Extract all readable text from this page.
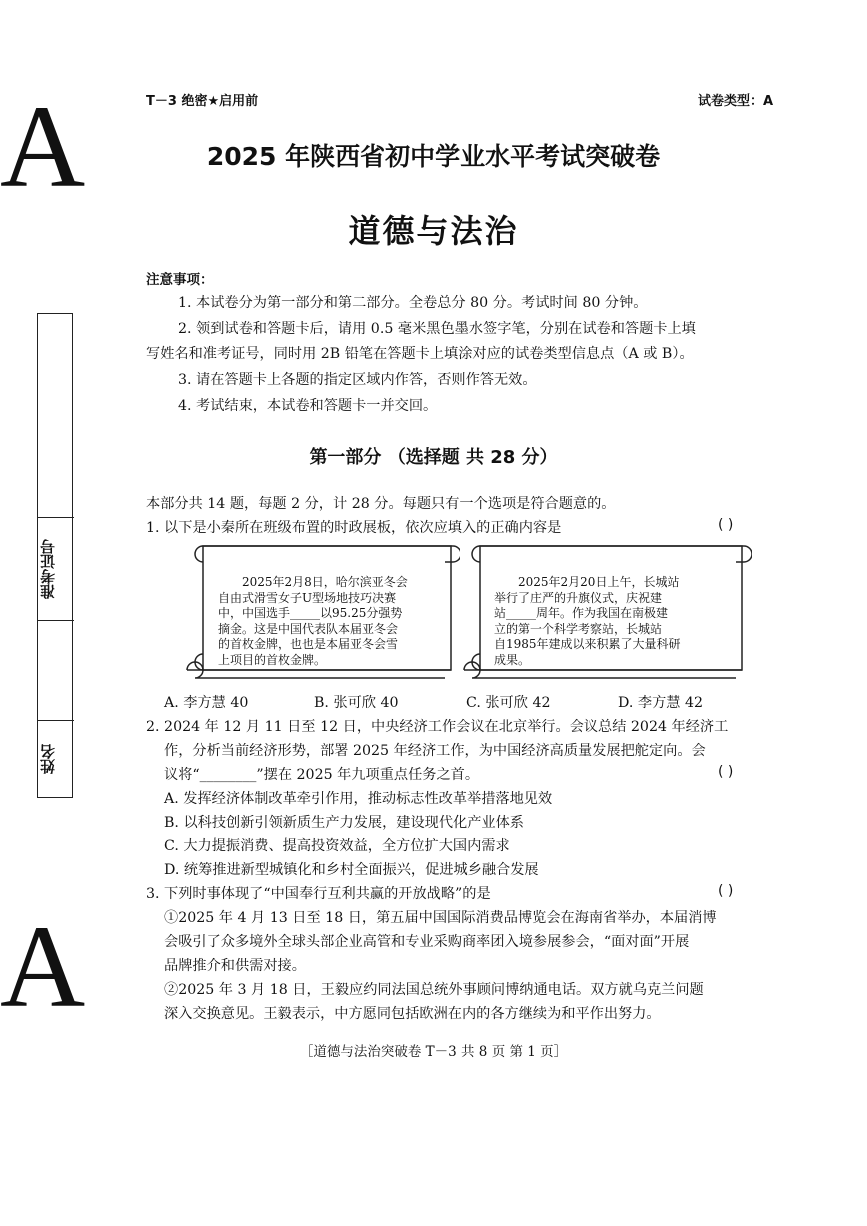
A
A
T－3 绝密★启用前	试卷类型：A
2025 年陕西省初中学业水平考试突破卷
道德与法治
注意事项：
1. 本试卷分为第一部分和第二部分。全卷总分 80 分。考试时间 80 分钟。
2. 领到试卷和答题卡后，请用 0.5 毫米黑色墨水签字笔，分别在试卷和答题卡上填
写姓名和准考证号，同时用 2B 铅笔在答题卡上填涂对应的试卷类型信息点（A 或 B）。
3. 请在答题卡上各题的指定区域内作答，否则作答无效。
4. 考试结束，本试卷和答题卡一并交回。
准考证号
姓名
第一部分 （选择题 共 28 分）
本部分共 14 题，每题 2 分，计 28 分。每题只有一个选项是符合题意的。
1. 以下是小秦所在班级布置的时政展板，依次应填入的正确内容是	( )
2025年2月8日，哈尔滨亚冬会
自由式滑雪女子U型场地技巧决赛
中，中国选手_____以95.25分强势
摘金。这是中国代表队本届亚冬会
的首枚金牌，也也是本届亚冬会雪
上项目的首枚金牌。
2025年2月20日上午，长城站
举行了庄严的升旗仪式，庆祝建
站_____周年。作为我国在南极建
立的第一个科学考察站，长城站
自1985年建成以来积累了大量科研
成果。
A. 李方慧 40	B. 张可欣 40	C. 张可欣 42	D. 李方慧 42
2. 2024 年 12 月 11 日至 12 日，中央经济工作会议在北京举行。会议总结 2024 年经济工
作，分析当前经济形势，部署 2025 年经济工作，为中国经济高质量发展把舵定向。会
议将“________”摆在 2025 年九项重点任务之首。	( )
A. 发挥经济体制改革牵引作用，推动标志性改革举措落地见效
B. 以科技创新引领新质生产力发展，建设现代化产业体系
C. 大力提振消费、提高投资效益，全方位扩大国内需求
D. 统筹推进新型城镇化和乡村全面振兴，促进城乡融合发展
3. 下列时事体现了“中国奉行互利共赢的开放战略”的是	( )
①2025 年 4 月 13 日至 18 日，第五届中国国际消费品博览会在海南省举办，本届消博
会吸引了众多境外全球头部企业高管和专业采购商率团入境参展参会，“面对面”开展
品牌推介和供需对接。
②2025 年 3 月 18 日，王毅应约同法国总统外事顾问博纳通电话。双方就乌克兰问题
深入交换意见。王毅表示，中方愿同包括欧洲在内的各方继续为和平作出努力。
［道德与法治突破卷 T－3 共 8 页 第 1 页］
